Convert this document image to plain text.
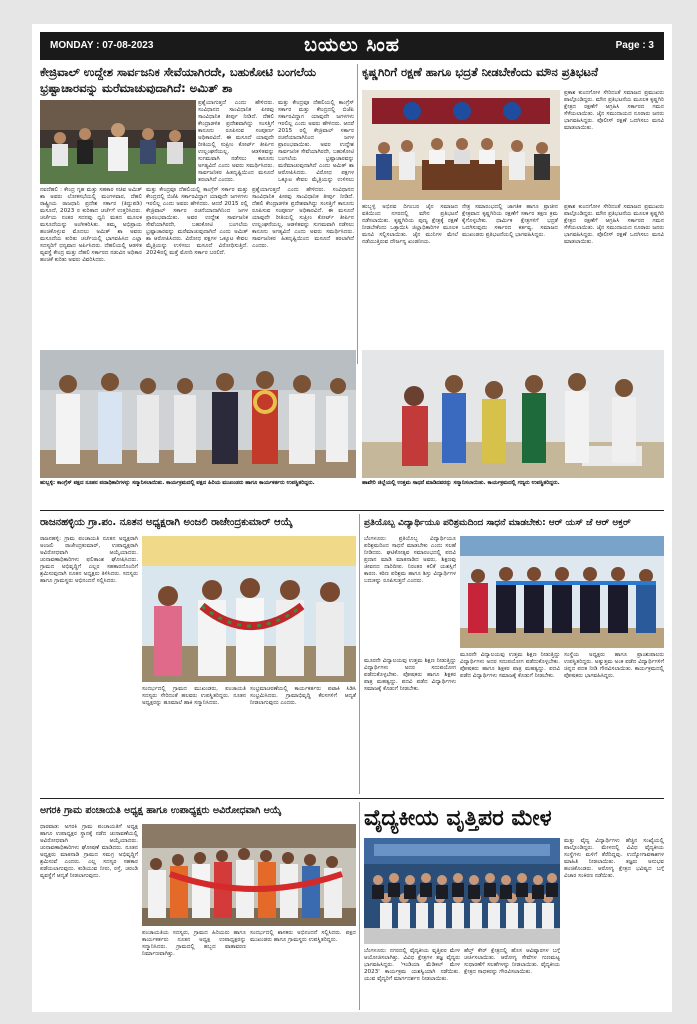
MONDAY : 07-08-2023	ಬಯಲು ಸಿಂಹ	Page : 3
ಕೇಜ್ರಿವಾಲ್ ಉದ್ದೇಶ ಸಾರ್ವಜನಿಕ ಸೇವೆಯಾಗಿರದೇ, ಬಹುಕೋಟಿ ಬಂಗಲೆಯ ಭ್ರಷ್ಟಾಚಾರವನ್ನು ಮರೆಮಾಚುವುದಾಗಿದೆ: ಅಮಿತ್ ಶಾ
ಪ್ರಶ್ನೆಯಾಗುತ್ತದೆ ಎಂದು ಹೇಳಿದರು. ಸಂವಿಧಾನದ ಸಾಂವಿಧಾನಿಕ ಪೀಠವು ಸಾಂವಿಧಾನಿಕ ತೀರ್ಪು ನೀಡಿದೆ. ದೆಹಲಿ ಕೇಂದ್ರಾಡಳಿತ ಪ್ರದೇಶವಾಗಿದ್ದು ಸಂಸತ್ತಿಗೆ ಕಾನೂನು ರೂಪಿಸುವ ಸಂಪೂರ್ಣ ಅಧಿಕಾರವಿದೆ. ಈ ಮಸೂದೆ ಯಾವುದೇ ರೀತಿಯಲ್ಲಿ ಸುಪ್ರೀಂ ಕೋರ್ಟ್ ತೀರ್ಪಿನ ಉಲ್ಲಂಘನೆಯಲ್ಲ. ಆಡಳಿತವನ್ನು ಸುಗಮವಾಗಿ ನಡೆಸಲು ಕಾನೂನು ಅಗತ್ಯವಿದೆ ಎಂದು ಅವರು ಸಮರ್ಥಿಸಿದರು. ಸಾರ್ವಜನಿಕರ ಹಿತದೃಷ್ಟಿಯಿಂದ ಮಸೂದೆ ತರಲಾಗಿದೆ ಎಂದರು.
ಮತ್ತು ಕೇಂದ್ರವೂ ದೆಹಲಿಯಲ್ಲಿ ಕಾಂಗ್ರೆಸ್ ಸರ್ಕಾರ ಮತ್ತು ಕೇಂದ್ರದಲ್ಲಿ ಬಿಜೆಪಿ ಸರ್ಕಾರವಿದ್ದಾಗ ಯಾವುದೇ ಜಗಳಗಳು ಇರಲಿಲ್ಲ ಎಂದು ಅವರು ಹೇಳಿದರು. ಆದರೆ 2015 ರಲ್ಲಿ ಕೇಜ್ರಿವಾಲ್ ಸರ್ಕಾರ ರಚನೆಯಾದಾಗಿನಿಂದ ಜಗಳ ಪ್ರಾರಂಭವಾಯಿತು. ಅವರ ಉದ್ದೇಶ ಸಾರ್ವಜನಿಕ ಸೇವೆಯಾಗಿರದೇ, ಬಹುಕೋಟಿ ಬಂಗಲೆಯ ಭ್ರಷ್ಟಾಚಾರವನ್ನು ಮರೆಮಾಚುವುದಾಗಿದೆ ಎಂದು ಅಮಿತ್ ಶಾ ಆರೋಪಿಸಿದರು. ವಿರೋಧ ಪಕ್ಷಗಳ ಒಕ್ಕೂಟ ಕೇವಲ ಮೈತ್ರಿಯನ್ನು ಉಳಿಸಲು
ನವದೆಹಲಿ : ಕೇಂದ್ರ ಗೃಹ ಮತ್ತು ಸಹಕಾರ ಸಚಿವ ಅಮಿತ್ ಶಾ ಅವರು ಲೋಕಸಭೆಯಲ್ಲಿ ಮಂಗಳವಾರ, ದೆಹಲಿ ರಾಷ್ಟ್ರೀಯ ರಾಜಧಾನಿ ಪ್ರದೇಶ ಸರ್ಕಾರ (ತಿದ್ದುಪಡಿ) ಮಸೂದೆ, 2023 ರ ಕುರಿತಾದ ಚರ್ಚೆಗೆ ಉತ್ತರಿಸಿದರು. ಚರ್ಚೆಯ ನಂತರ ಸದನವು ಧ್ವನಿ ಮತದ ಮೂಲಕ ಮಸೂದೆಯನ್ನು ಅಂಗೀಕರಿಸಿತು. ತಮ್ಮ ಅಭಿಪ್ರಾಯ ಹಂಚಿಕೊಳ್ಳುವ ಮೊದಲು ಅಮಿತ್ ಶಾ ಅವರು ಮಸೂದೆಯ ಕುರಿತು ಚರ್ಚೆಯಲ್ಲಿ ಭಾಗವಹಿಸಿದ ಎಲ್ಲಾ ಸದಸ್ಯರಿಗೆ ಧನ್ಯವಾದ ಅರ್ಪಿಸಿದರು. ದೆಹಲಿಯಲ್ಲಿ ಆಡಳಿತ ವ್ಯವಸ್ಥೆ ಕೇಂದ್ರ ಮತ್ತು ದೆಹಲಿ ಸರ್ಕಾರದ ನಡುವಿನ ಅಧಿಕಾರ ಹಂಚಿಕೆ ಕುರಿತು ಅವರು ವಿವರಿಸಿದರು.
ಮತ್ತು ಕೇಂದ್ರವೂ ದೆಹಲಿಯಲ್ಲಿ ಕಾಂಗ್ರೆಸ್ ಸರ್ಕಾರ ಮತ್ತು ಕೇಂದ್ರದಲ್ಲಿ ಬಿಜೆಪಿ ಸರ್ಕಾರವಿದ್ದಾಗ ಯಾವುದೇ ಜಗಳಗಳು ಇರಲಿಲ್ಲ ಎಂದು ಅವರು ಹೇಳಿದರು. ಆದರೆ 2015 ರಲ್ಲಿ ಕೇಜ್ರಿವಾಲ್ ಸರ್ಕಾರ ರಚನೆಯಾದಾಗಿನಿಂದ ಜಗಳ ಪ್ರಾರಂಭವಾಯಿತು. ಅವರ ಉದ್ದೇಶ ಸಾರ್ವಜನಿಕ ಸೇವೆಯಾಗಿರದೇ, ಬಹುಕೋಟಿ ಬಂಗಲೆಯ ಭ್ರಷ್ಟಾಚಾರವನ್ನು ಮರೆಮಾಚುವುದಾಗಿದೆ ಎಂದು ಅಮಿತ್ ಶಾ ಆರೋಪಿಸಿದರು. ವಿರೋಧ ಪಕ್ಷಗಳ ಒಕ್ಕೂಟ ಕೇವಲ ಮೈತ್ರಿಯನ್ನು ಉಳಿಸಲು ಮಸೂದೆ ವಿರೋಧಿಸುತ್ತಿದೆ. 2024ರಲ್ಲಿ ಮತ್ತೆ ಮೋದಿ ಸರ್ಕಾರ ಬರಲಿದೆ.
ಪ್ರಶ್ನೆಯಾಗುತ್ತದೆ ಎಂದು ಹೇಳಿದರು. ಸಂವಿಧಾನದ ಸಾಂವಿಧಾನಿಕ ಪೀಠವು ಸಾಂವಿಧಾನಿಕ ತೀರ್ಪು ನೀಡಿದೆ. ದೆಹಲಿ ಕೇಂದ್ರಾಡಳಿತ ಪ್ರದೇಶವಾಗಿದ್ದು ಸಂಸತ್ತಿಗೆ ಕಾನೂನು ರೂಪಿಸುವ ಸಂಪೂರ್ಣ ಅಧಿಕಾರವಿದೆ. ಈ ಮಸೂದೆ ಯಾವುದೇ ರೀತಿಯಲ್ಲಿ ಸುಪ್ರೀಂ ಕೋರ್ಟ್ ತೀರ್ಪಿನ ಉಲ್ಲಂಘನೆಯಲ್ಲ. ಆಡಳಿತವನ್ನು ಸುಗಮವಾಗಿ ನಡೆಸಲು ಕಾನೂನು ಅಗತ್ಯವಿದೆ ಎಂದು ಅವರು ಸಮರ್ಥಿಸಿದರು. ಸಾರ್ವಜನಿಕರ ಹಿತದೃಷ್ಟಿಯಿಂದ ಮಸೂದೆ ತರಲಾಗಿದೆ ಎಂದರು.
ಕೃಷ್ಣಗಿರಿಗೆ ರಕ್ಷಣೆ ಹಾಗೂ ಭದ್ರತೆ ನೀಡಬೇಕೆಂದು ಮೌನ ಪ್ರತಿಭಟನೆ
ಪ್ರಕಾಶ ಕುಂದಗೋಳ ಸೇರಿದಂತೆ ಸಮಾಜದ ಪ್ರಮುಖರು ಪಾಲ್ಗೊಂಡಿದ್ದರು. ಮೌನ ಪ್ರತಿಭಟನೆಯ ಮೂಲಕ ಕೃಷ್ಣಗಿರಿ ಕ್ಷೇತ್ರದ ರಕ್ಷಣೆಗೆ ಆಗ್ರಹಿಸಿ ಸರ್ಕಾರದ ಗಮನ ಸೆಳೆಯಲಾಯಿತು. ಜೈನ ಸಮುದಾಯದ ನೂರಾರು ಜನರು ಭಾಗವಹಿಸಿದ್ದರು. ಪೊಲೀಸ್ ರಕ್ಷಣೆ ಒದಗಿಸಲು ಮನವಿ ಮಾಡಲಾಯಿತು.
ಹುಬ್ಬಳ್ಳಿ ಅಭಿನವ ದಿಗಂಬರ ಜೈನ ಸಮಾಜದ ವತಿಯಿಂದ ನಗರದಲ್ಲಿ ಮೌನ ಪ್ರತಿಭಟನೆ ನಡೆಸಲಾಯಿತು. ಕೃಷ್ಣಗಿರಿಯ ಪುಣ್ಯ ಕ್ಷೇತ್ರಕ್ಕೆ ರಕ್ಷಣೆ ನೀಡಬೇಕೆಂದು ಒತ್ತಾಯಿಸಿ ಜಿಲ್ಲಾಧಿಕಾರಿಗಳ ಮೂಲಕ ಮನವಿ ಸಲ್ಲಿಸಲಾಯಿತು. ಜೈನ ಮುನಿಗಳ ಮೇಲೆ ನಡೆಯುತ್ತಿರುವ ದೌರ್ಜನ್ಯ ಖಂಡನೀಯ.
ನೇತ್ರ ಸಮಾರಂಭದಲ್ಲಿ ಜಾಗತಿಕ ಹಾಗೂ ಪ್ರಾಚೀನ ಕ್ಷೇತ್ರವಾದ ಕೃಷ್ಣಗಿರಿಯ ರಕ್ಷಣೆಗೆ ಸರ್ಕಾರ ತಕ್ಷಣ ಕ್ರಮ ಕೈಗೊಳ್ಳಬೇಕು. ಧಾರ್ಮಿಕ ಕ್ಷೇತ್ರಗಳಿಗೆ ಭದ್ರತೆ ಒದಗಿಸುವುದು ಸರ್ಕಾರದ ಕರ್ತವ್ಯ. ಸಮಾಜದ ಮುಖಂಡರು ಪ್ರತಿಭಟನೆಯಲ್ಲಿ ಭಾಗವಹಿಸಿದ್ದರು.
ಪ್ರಕಾಶ ಕುಂದಗೋಳ ಸೇರಿದಂತೆ ಸಮಾಜದ ಪ್ರಮುಖರು ಪಾಲ್ಗೊಂಡಿದ್ದರು. ಮೌನ ಪ್ರತಿಭಟನೆಯ ಮೂಲಕ ಕೃಷ್ಣಗಿರಿ ಕ್ಷೇತ್ರದ ರಕ್ಷಣೆಗೆ ಆಗ್ರಹಿಸಿ ಸರ್ಕಾರದ ಗಮನ ಸೆಳೆಯಲಾಯಿತು. ಜೈನ ಸಮುದಾಯದ ನೂರಾರು ಜನರು ಭಾಗವಹಿಸಿದ್ದರು. ಪೊಲೀಸ್ ರಕ್ಷಣೆ ಒದಗಿಸಲು ಮನವಿ ಮಾಡಲಾಯಿತು.
ಹುಬ್ಬಳ್ಳಿ: ಕಾಂಗ್ರೆಸ್ ಪಕ್ಷದ ನೂತನ ಪದಾಧಿಕಾರಿಗಳನ್ನು ಸನ್ಮಾನಿಸಲಾಯಿತು. ಕಾರ್ಯಕ್ರಮದಲ್ಲಿ ಪಕ್ಷದ ಹಿರಿಯ ಮುಖಂಡರು ಹಾಗೂ ಕಾರ್ಯಕರ್ತರು ಉಪಸ್ಥಿತರಿದ್ದರು.	ಹಾವೇರಿ ಜಿಲ್ಲೆಯಲ್ಲಿ ಉತ್ತಮ ಸಾಧನೆ ಮಾಡಿದವರನ್ನು ಸನ್ಮಾನಿಸಲಾಯಿತು. ಕಾರ್ಯಕ್ರಮದಲ್ಲಿ ಗಣ್ಯರು ಉಪಸ್ಥಿತರಿದ್ದರು.
ರಾಜನಹಳ್ಳಿಯ ಗ್ರಾ.ಪಂ. ನೂತನ ಅಧ್ಯಕ್ಷರಾಗಿ ಅಂಜಲಿ ರಾಜೇಂದ್ರಕುಮಾರ್ ಆಯ್ಕೆ
ರಾಜನಹಳ್ಳಿ: ಗ್ರಾಮ ಪಂಚಾಯತಿ ನೂತನ ಅಧ್ಯಕ್ಷರಾಗಿ ಅಂಜಲಿ ರಾಜೇಂದ್ರಕುಮಾರ್, ಉಪಾಧ್ಯಕ್ಷರಾಗಿ ಅವಿರೋಧವಾಗಿ ಆಯ್ಕೆಯಾದರು. ಚುನಾವಣಾಧಿಕಾರಿಗಳು ಫಲಿತಾಂಶ ಘೋಷಿಸಿದರು. ಗ್ರಾಮದ ಅಭಿವೃದ್ಧಿಗೆ ಎಲ್ಲರ ಸಹಕಾರದೊಂದಿಗೆ ಶ್ರಮಿಸುವುದಾಗಿ ನೂತನ ಅಧ್ಯಕ್ಷರು ತಿಳಿಸಿದರು. ಸದಸ್ಯರು ಹಾಗೂ ಗ್ರಾಮಸ್ಥರು ಅಭಿನಂದನೆ ಸಲ್ಲಿಸಿದರು.
ಸಂದರ್ಭದಲ್ಲಿ ಗ್ರಾಮದ ಮುಖಂಡರು, ಪಂಚಾಯತಿ ಸದಸ್ಯರು ಸೇರಿದಂತೆ ಹಲವರು ಉಪಸ್ಥಿತರಿದ್ದರು. ನೂತನ ಅಧ್ಯಕ್ಷರನ್ನು ಹೂಮಾಲೆ ಹಾಕಿ ಸನ್ಮಾನಿಸಿದರು.
ಸಂಭ್ರಮಾಚರಣೆಯಲ್ಲಿ ಕಾರ್ಯಕರ್ತರು ಪಟಾಕಿ ಸಿಡಿಸಿ ಸಂಭ್ರಮಿಸಿದರು. ಗ್ರಾಮಾಭಿವೃದ್ಧಿ ಕೆಲಸಗಳಿಗೆ ಆದ್ಯತೆ ನೀಡಲಾಗುವುದು ಎಂದರು.
ಪ್ರತಿಯೊಬ್ಬ ವಿದ್ಯಾರ್ಥಿಯೂ ಪರಿಶ್ರಮದಿಂದ ಸಾಧನೆ ಮಾಡಬೇಕು: ಆರ್ ಯಸ್ ಜೆ ಆರ್ ಅಕ್ತರ್
ಬೆಂಗಳೂರು: ಪ್ರತಿಯೊಬ್ಬ ವಿದ್ಯಾರ್ಥಿಯೂ ಪರಿಶ್ರಮದಿಂದ ಸಾಧನೆ ಮಾಡಬೇಕು ಎಂದು ಸಲಹೆ ನೀಡಿದರು. ಘಟಿಕೋತ್ಸವ ಸಮಾರಂಭದಲ್ಲಿ ಪದವಿ ಪ್ರದಾನ ಮಾಡಿ ಮಾತನಾಡಿದ ಅವರು, ಶಿಕ್ಷಣವು ಜೀವನದ ದಾರಿದೀಪ. ನಿರಂತರ ಕಲಿಕೆ ಯಶಸ್ಸಿಗೆ ಕಾರಣ. ಕಠಿಣ ಪರಿಶ್ರಮ ಹಾಗೂ ಶಿಸ್ತು ವಿದ್ಯಾರ್ಥಿಗಳ ಬದುಕನ್ನು ರೂಪಿಸುತ್ತದೆ ಎಂದರು.
ಮೂರನೇ ವಿದ್ಯಾಲಯವು ಉತ್ತಮ ಶಿಕ್ಷಣ ನೀಡುತ್ತಿದ್ದು ವಿದ್ಯಾರ್ಥಿಗಳು ಅದರ ಸದುಪಯೋಗ ಪಡೆದುಕೊಳ್ಳಬೇಕು. ಪೋಷಕರು ಹಾಗೂ ಶಿಕ್ಷಕರ ಪಾತ್ರ ಮಹತ್ವದ್ದು. ಪದವಿ ಪಡೆದ ವಿದ್ಯಾರ್ಥಿಗಳು ಸಮಾಜಕ್ಕೆ ಕೊಡುಗೆ ನೀಡಬೇಕು.
ಮೂರನೇ ವಿದ್ಯಾಲಯವು ಉತ್ತಮ ಶಿಕ್ಷಣ ನೀಡುತ್ತಿದ್ದು ವಿದ್ಯಾರ್ಥಿಗಳು ಅದರ ಸದುಪಯೋಗ ಪಡೆದುಕೊಳ್ಳಬೇಕು. ಪೋಷಕರು ಹಾಗೂ ಶಿಕ್ಷಕರ ಪಾತ್ರ ಮಹತ್ವದ್ದು. ಪದವಿ ಪಡೆದ ವಿದ್ಯಾರ್ಥಿಗಳು ಸಮಾಜಕ್ಕೆ ಕೊಡುಗೆ ನೀಡಬೇಕು.
ಸಂಸ್ಥೆಯ ಅಧ್ಯಕ್ಷರು ಹಾಗೂ ಪ್ರಾಂಶುಪಾಲರು ಉಪಸ್ಥಿತರಿದ್ದರು. ಅತ್ಯುತ್ತಮ ಅಂಕ ಪಡೆದ ವಿದ್ಯಾರ್ಥಿಗಳಿಗೆ ಚಿನ್ನದ ಪದಕ ನೀಡಿ ಗೌರವಿಸಲಾಯಿತು. ಕಾರ್ಯಕ್ರಮದಲ್ಲಿ ಪೋಷಕರು ಭಾಗವಹಿಸಿದ್ದರು.
ಅಗರಕಿ ಗ್ರಾಮ ಪಂಚಾಯತಿ ಅಧ್ಯಕ್ಷ ಹಾಗೂ ಉಪಾಧ್ಯಕ್ಷರು ಅವಿರೋಧವಾಗಿ ಆಯ್ಕೆ
ಧಾರವಾಡ: ಅಗರಕಿ ಗ್ರಾಮ ಪಂಚಾಯತಿಗೆ ಅಧ್ಯಕ್ಷ ಹಾಗೂ ಉಪಾಧ್ಯಕ್ಷರ ಸ್ಥಾನಕ್ಕೆ ನಡೆದ ಚುನಾವಣೆಯಲ್ಲಿ ಅವಿರೋಧವಾಗಿ ಆಯ್ಕೆಯಾದರು. ಚುನಾವಣಾಧಿಕಾರಿಗಳು ಘೋಷಣೆ ಮಾಡಿದರು. ನೂತನ ಅಧ್ಯಕ್ಷರು ಮಾತನಾಡಿ ಗ್ರಾಮದ ಸಮಗ್ರ ಅಭಿವೃದ್ಧಿಗೆ ಶ್ರಮಿಸುವೆ ಎಂದರು. ಎಲ್ಲ ಸದಸ್ಯರ ಸಹಕಾರ ಪಡೆಯಲಾಗುವುದು. ಕುಡಿಯುವ ನೀರು, ರಸ್ತೆ, ಚರಂಡಿ ವ್ಯವಸ್ಥೆಗೆ ಆದ್ಯತೆ ನೀಡಲಾಗುವುದು.
ಪಂಚಾಯತಿಯ ಸದಸ್ಯರು, ಗ್ರಾಮದ ಹಿರಿಯರು ಹಾಗೂ ಕಾರ್ಯಕರ್ತರು ನೂತನ ಅಧ್ಯಕ್ಷ ಉಪಾಧ್ಯಕ್ಷರನ್ನು ಸನ್ಮಾನಿಸಿದರು. ಗ್ರಾಮದಲ್ಲಿ ಹಬ್ಬದ ವಾತಾವರಣ ನಿರ್ಮಾಣವಾಗಿತ್ತು.
ಸಂದರ್ಭದಲ್ಲಿ ಶಾಸಕರು ಅಭಿನಂದನೆ ಸಲ್ಲಿಸಿದರು. ಪಕ್ಷದ ಮುಖಂಡರು ಹಾಗೂ ಗ್ರಾಮಸ್ಥರು ಉಪಸ್ಥಿತರಿದ್ದರು.
ವೈದ್ಯಕೀಯ ವೃತ್ತಿಪರ ಮೇಳ
ಮತ್ತು ವೈದ್ಯ ವಿದ್ಯಾರ್ಥಿಗಳು ಹೆಚ್ಚಿನ ಸಂಖ್ಯೆಯಲ್ಲಿ ಪಾಲ್ಗೊಂಡಿದ್ದರು. ಮೇಳದಲ್ಲಿ ವಿವಿಧ ವೈದ್ಯಕೀಯ ಸಂಸ್ಥೆಗಳು ಮಳಿಗೆ ತೆರೆದಿದ್ದವು. ಉದ್ಯೋಗಾವಕಾಶಗಳ ಮಾಹಿತಿ ನೀಡಲಾಯಿತು. ತಜ್ಞರು ಅನುಭವ ಹಂಚಿಕೊಂಡರು. ಆರೋಗ್ಯ ಕ್ಷೇತ್ರದ ಭವಿಷ್ಯದ ಬಗ್ಗೆ ವಿಚಾರ ಸಂಕಿರಣ ನಡೆಯಿತು.
ಬೆಂಗಳೂರು: ನಗರದಲ್ಲಿ ವೈದ್ಯಕೀಯ ವೃತ್ತಿಪರ ಮೇಳ ಆಯೋಜಿಸಲಾಗಿತ್ತು. ವಿವಿಧ ಕ್ಷೇತ್ರಗಳ ತಜ್ಞ ವೈದ್ಯರು ಭಾಗವಹಿಸಿದ್ದರು. 'ಇಂಡಿಯಾ ಮೆಡಿಕಲ್ ಮೇಳ 2023' ಕಾರ್ಯಕ್ರಮ ಯಶಸ್ವಿಯಾಗಿ ನಡೆಯಿತು. ಯುವ ವೈದ್ಯರಿಗೆ ಮಾರ್ಗದರ್ಶನ ನೀಡಲಾಯಿತು.
ಹೆಲ್ತ್ ಕೇರ್ ಕ್ಷೇತ್ರದಲ್ಲಿ ಹೊಸ ಆವಿಷ್ಕಾರಗಳ ಬಗ್ಗೆ ಚರ್ಚಿಸಲಾಯಿತು. ಆರೋಗ್ಯ ಸೇವೆಗಳ ಗುಣಮಟ್ಟ ಸುಧಾರಣೆಗೆ ಸಲಹೆಗಳನ್ನು ನೀಡಲಾಯಿತು. ವೈದ್ಯಕೀಯ ಕ್ಷೇತ್ರದ ಸಾಧಕರನ್ನು ಗೌರವಿಸಲಾಯಿತು.
